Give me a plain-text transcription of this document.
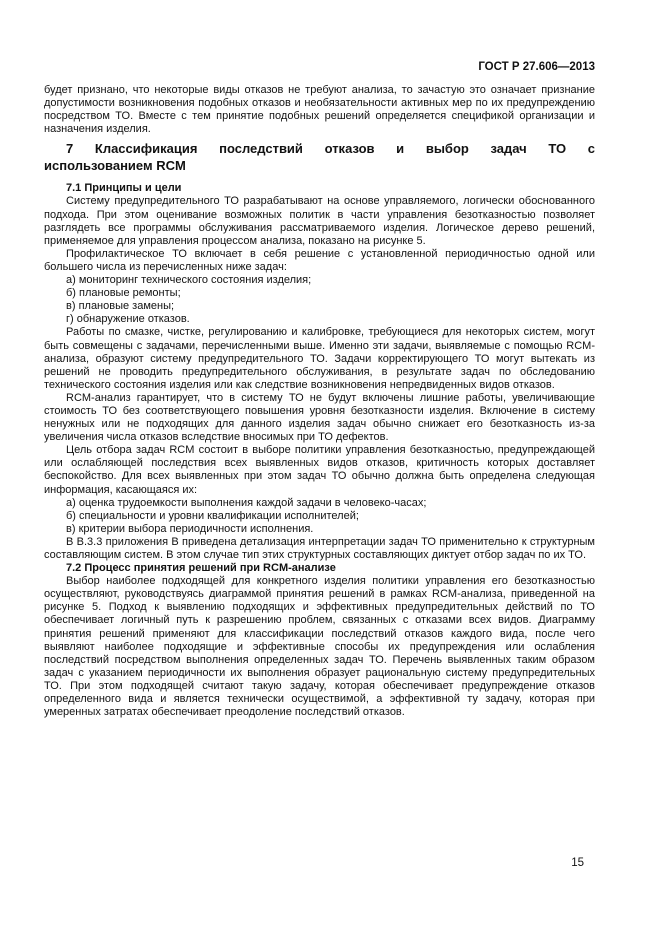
ГОСТ Р 27.606—2013

будет признано, что некоторые виды отказов не требуют анализа, то зачастую это означает признание допустимости возникновения подобных отказов и необязательности активных мер по их предупреждению посредством ТО. Вместе с тем принятие подобных решений определяется спецификой организации и назначения изделия.

7 Классификация последствий отказов и выбор задач ТО с
использованием RCM

7.1 Принципы и цели

Систему предупредительного ТО разрабатывают на основе управляемого, логически обоснованного подхода. При этом оценивание возможных политик в части управления безотказностью позволяет разглядеть все программы обслуживания рассматриваемого изделия. Логическое дерево решений, применяемое для управления процессом анализа, показано на рисунке 5.

Профилактическое ТО включает в себя решение с установленной периодичностью одной или большего числа из перечисленных ниже задач:

а) мониторинг технического состояния изделия;

б) плановые ремонты;

в) плановые замены;

г) обнаружение отказов.

Работы по смазке, чистке, регулированию и калибровке, требующиеся для некоторых систем, могут быть совмещены с задачами, перечисленными выше. Именно эти задачи, выявляемые с помощью RCM-анализа, образуют систему предупредительного ТО. Задачи корректирующего ТО могут вытекать из решений не проводить предупредительного обслуживания, в результате задач по обследованию технического состояния изделия или как следствие возникновения непредвиденных видов отказов.

RCM-анализ гарантирует, что в систему ТО не будут включены лишние работы, увеличивающие стоимость ТО без соответствующего повышения уровня безотказности изделия. Включение в систему ненужных или не подходящих для данного изделия задач обычно снижает его безотказность из-за увеличения числа отказов вследствие вносимых при ТО дефектов.

Цель отбора задач RCM состоит в выборе политики управления безотказностью, предупреждающей или ослабляющей последствия всех выявленных видов отказов, критичность которых доставляет беспокойство. Для всех выявленных при этом задач ТО обычно должна быть определена следующая информация, касающаяся их:

а) оценка трудоемкости выполнения каждой задачи в человеко-часах;

б) специальности и уровни квалификации исполнителей;

в) критерии выбора периодичности исполнения.

В В.3.3 приложения В приведена детализация интерпретации задач ТО применительно к структурным составляющим систем. В этом случае тип этих структурных составляющих диктует отбор задач по их ТО.

7.2 Процесс принятия решений при RCM-анализе

Выбор наиболее подходящей для конкретного изделия политики управления его безотказностью осуществляют, руководствуясь диаграммой принятия решений в рамках RCM-анализа, приведенной на рисунке 5. Подход к выявлению подходящих и эффективных предупредительных действий по ТО обеспечивает логичный путь к разрешению проблем, связанных с отказами всех видов. Диаграмму принятия решений применяют для классификации последствий отказов каждого вида, после чего выявляют наиболее подходящие и эффективные способы их предупреждения или ослабления последствий посредством выполнения определенных задач ТО. Перечень выявленных таким образом задач с указанием периодичности их выполнения образует рациональную систему предупредительных ТО. При этом подходящей считают такую задачу, которая обеспечивает предупреждение отказов определенного вида и является технически осуществимой, а эффективной ту задачу, которая при умеренных затратах обеспечивает преодоление последствий отказов.

15
